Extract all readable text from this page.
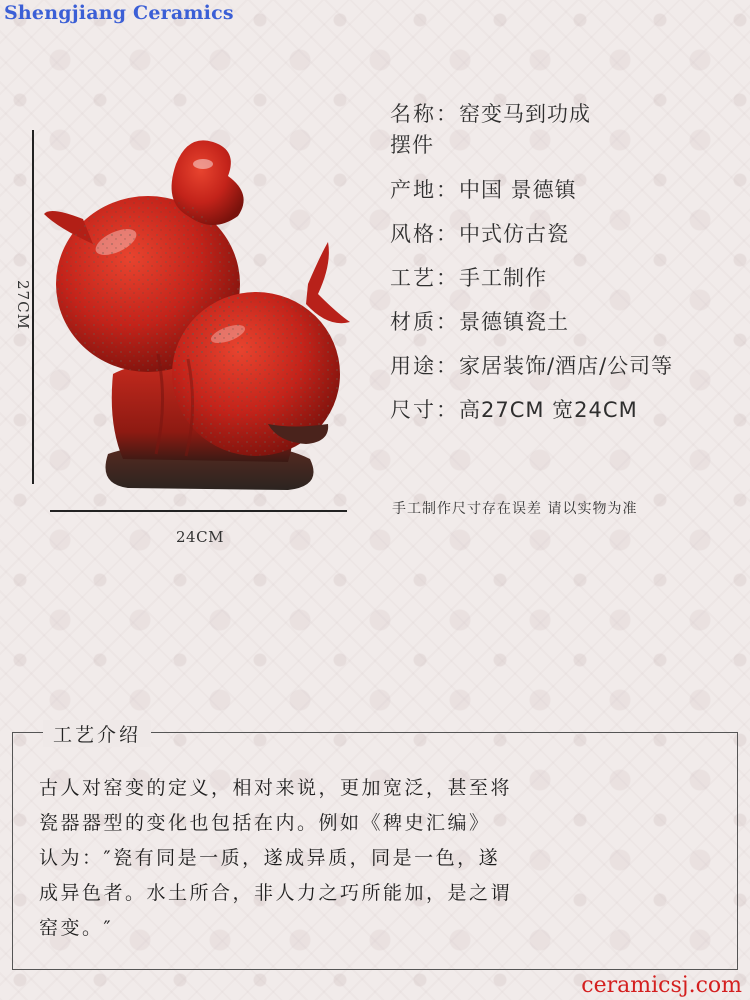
Shengjiang Ceramics
27CM
24CM
名称： 窑变马到功成
摆件
产地： 中国 景德镇
风格： 中式仿古瓷
工艺： 手工制作
材质： 景德镇瓷土
用途： 家居装饰/酒店/公司等
尺寸： 高27CM 宽24CM
手工制作尺寸存在误差 请以实物为准
工艺介绍
古人对窑变的定义，相对来说，更加宽泛，甚至将
瓷器器型的变化也包括在内。例如《稗史汇编》
认为：″瓷有同是一质，遂成异质，同是一色，遂
成异色者。水土所合，非人力之巧所能加，是之谓
窑变。″
ceramicsj.com
